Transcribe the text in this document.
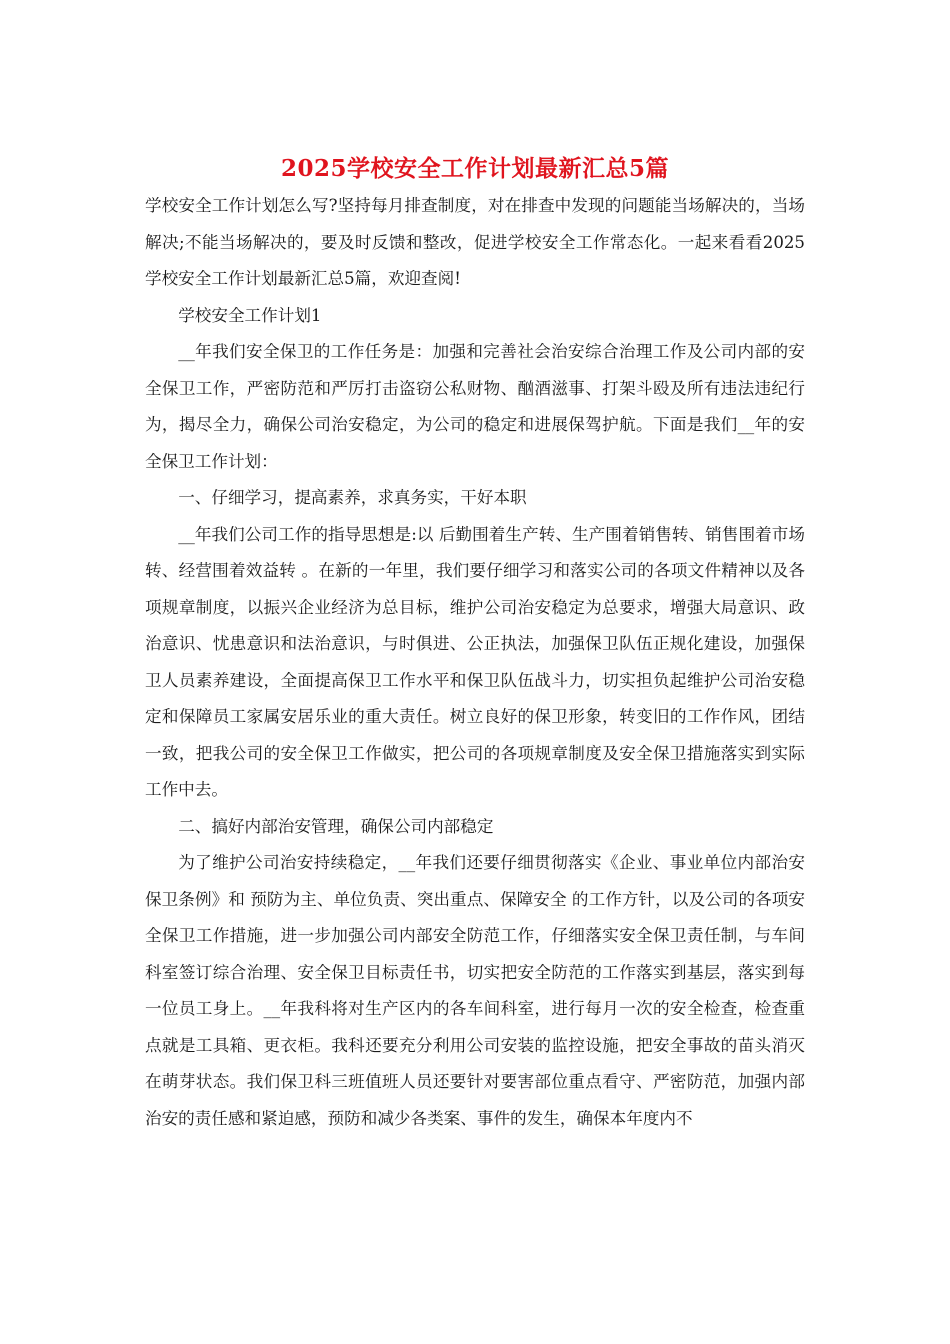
2025学校安全工作计划最新汇总5篇

学校安全工作计划怎么写?坚持每月排查制度，对在排查中发现的问题能当场解决的，当场解决;不能当场解决的，要及时反馈和整改，促进学校安全工作常态化。一起来看看2025学校安全工作计划最新汇总5篇，欢迎查阅!

学校安全工作计划1

__年我们安全保卫的工作任务是：加强和完善社会治安综合治理工作及公司内部的安全保卫工作，严密防范和严厉打击盗窃公私财物、酗酒滋事、打架斗殴及所有违法违纪行为，揭尽全力，确保公司治安稳定，为公司的稳定和进展保驾护航。下面是我们__年的安全保卫工作计划：

一、仔细学习，提高素养，求真务实，干好本职

__年我们公司工作的指导思想是:以 后勤围着生产转、生产围着销售转、销售围着市场转、经营围着效益转 。在新的一年里，我们要仔细学习和落实公司的各项文件精神以及各项规章制度，以振兴企业经济为总目标，维护公司治安稳定为总要求，增强大局意识、政治意识、忧患意识和法治意识，与时俱进、公正执法，加强保卫队伍正规化建设，加强保卫人员素养建设，全面提高保卫工作水平和保卫队伍战斗力，切实担负起维护公司治安稳定和保障员工家属安居乐业的重大责任。树立良好的保卫形象，转变旧的工作作风，团结一致，把我公司的安全保卫工作做实，把公司的各项规章制度及安全保卫措施落实到实际工作中去。

二、搞好内部治安管理，确保公司内部稳定

为了维护公司治安持续稳定，__年我们还要仔细贯彻落实《企业、事业单位内部治安保卫条例》和 预防为主、单位负责、突出重点、保障安全 的工作方针，以及公司的各项安全保卫工作措施，进一步加强公司内部安全防范工作，仔细落实安全保卫责任制，与车间科室签订综合治理、安全保卫目标责任书，切实把安全防范的工作落实到基层，落实到每一位员工身上。__年我科将对生产区内的各车间科室，进行每月一次的安全检查，检查重点就是工具箱、更衣柜。我科还要充分利用公司安装的监控设施，把安全事故的苗头消灭在萌芽状态。我们保卫科三班值班人员还要针对要害部位重点看守、严密防范，加强内部治安的责任感和紧迫感，预防和减少各类案、事件的发生，确保本年度内不
